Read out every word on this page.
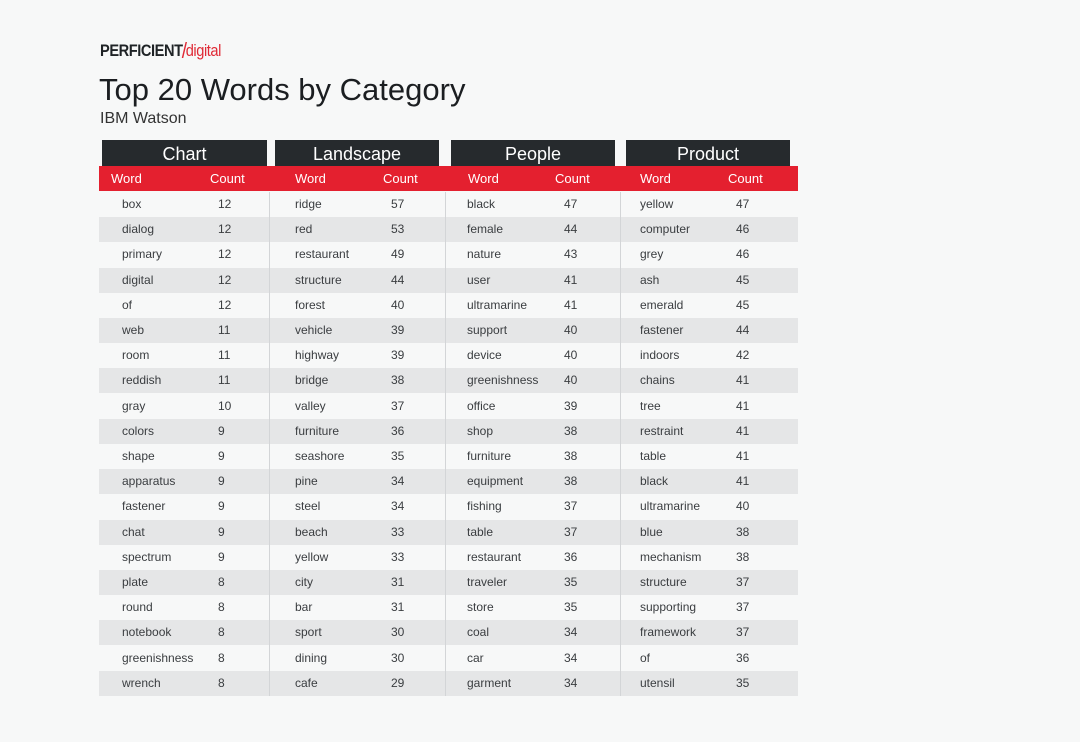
PERFICIENT/digital
Top 20 Words by Category
IBM Watson
Chart	Landscape	People	Product
Word	Count	Word	Count	Word	Count	Word	Count
box	12	ridge	57	black	47	yellow	47
dialog	12	red	53	female	44	computer	46
primary	12	restaurant	49	nature	43	grey	46
digital	12	structure	44	user	41	ash	45
of	12	forest	40	ultramarine	41	emerald	45
web	11	vehicle	39	support	40	fastener	44
room	11	highway	39	device	40	indoors	42
reddish	11	bridge	38	greenishness 40	chains	41
gray	10	valley	37	office	39	tree	41
colors	9	furniture	36	shop	38	restraint	41
shape	9	seashore	35	furniture	38	table	41
apparatus	9	pine	34	equipment	38	black	41
fastener	9	steel	34	fishing	37	ultramarine	40
chat	9	beach	33	table	37	blue	38
spectrum	9	yellow	33	restaurant	36	mechanism	38
plate	8	city	31	traveler	35	structure	37
round	8	bar	31	store	35	supporting	37
notebook	8	sport	30	coal	34	framework	37
greenishness 8	dining	30	car	34	of	36
wrench	8	cafe	29	garment	34	utensil	35
